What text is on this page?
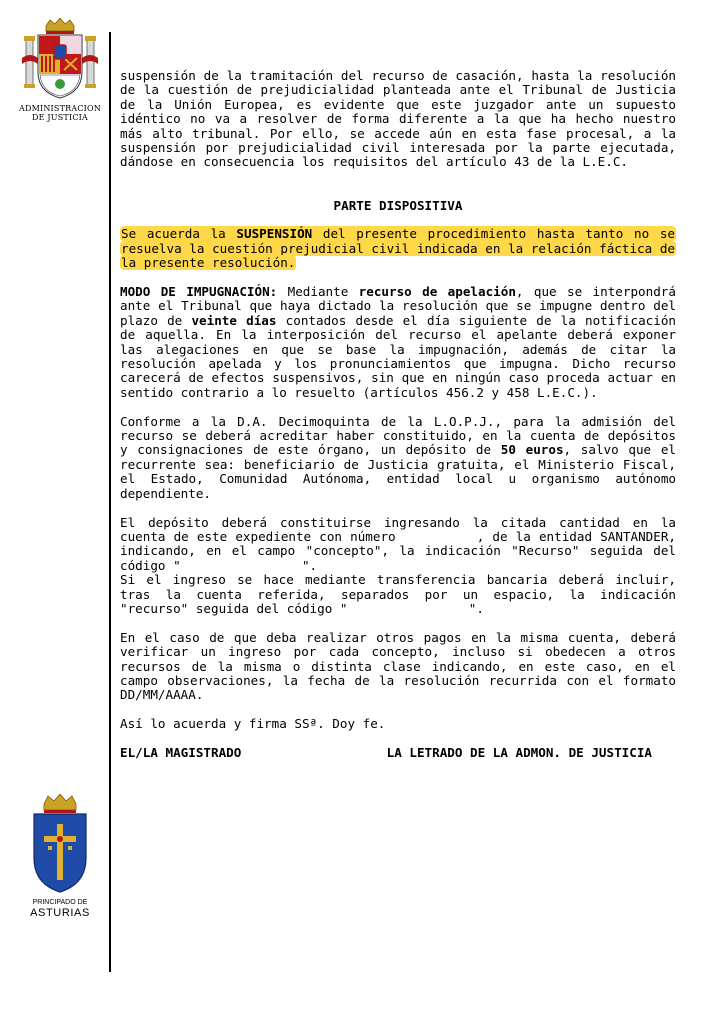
ADMINISTRACION
DE JUSTICIA
PRINCIPADO DE
ASTURIAS

suspensión de la tramitación del recurso de casación, hasta la resolución de la cuestión de prejudicialidad planteada ante el Tribunal de Justicia de la Unión Europea, es evidente que este juzgador ante un supuesto idéntico no va a resolver de forma diferente a la que ha hecho nuestro más alto tribunal. Por ello, se accede aún en esta fase procesal, a la suspensión por prejudicialidad civil interesada por la parte ejecutada, dándose en consecuencia los requisitos del artículo 43 de la L.E.C.

PARTE DISPOSITIVA

Se acuerda la SUSPENSIÓN del presente procedimiento hasta tanto no se resuelva la cuestión prejudicial civil indicada en la relación fáctica de la presente resolución.

MODO DE IMPUGNACIÓN: Mediante recurso de apelación, que se interpondrá ante el Tribunal que haya dictado la resolución que se impugne dentro del plazo de veinte días contados desde el día siguiente de la notificación de aquella. En la interposición del recurso el apelante deberá exponer las alegaciones en que se base la impugnación, además de citar la resolución apelada y los pronunciamientos que impugna. Dicho recurso carecerá de efectos suspensivos, sin que en ningún caso proceda actuar en sentido contrario a lo resuelto (artículos 456.2 y 458 L.E.C.).

Conforme a la D.A. Decimoquinta de la L.O.P.J., para la admisión del recurso se deberá acreditar haber constituido, en la cuenta de depósitos y consignaciones de este órgano, un depósito de 50 euros, salvo que el recurrente sea: beneficiario de Justicia gratuita, el Ministerio Fiscal, el Estado, Comunidad Autónoma, entidad local u organismo autónomo dependiente.

El depósito deberá constituirse ingresando la citada cantidad en la cuenta de este expediente con número          , de la entidad SANTANDER, indicando, en el campo "concepto", la indicación "Recurso" seguida del código "                ".

Si el ingreso se hace mediante transferencia bancaria deberá incluir, tras la cuenta referida, separados por un espacio, la indicación "recurso" seguida del código "                ".

En el caso de que deba realizar otros pagos en la misma cuenta, deberá verificar un ingreso por cada concepto, incluso si obedecen a otros recursos de la misma o distinta clase indicando, en este caso, en el campo observaciones, la fecha de la resolución recurrida con el formato DD/MM/AAAA.

Así lo acuerda y firma SSª. Doy fe.

EL/LA MAGISTRADO	LA LETRADO DE LA ADMON. DE JUSTICIA
